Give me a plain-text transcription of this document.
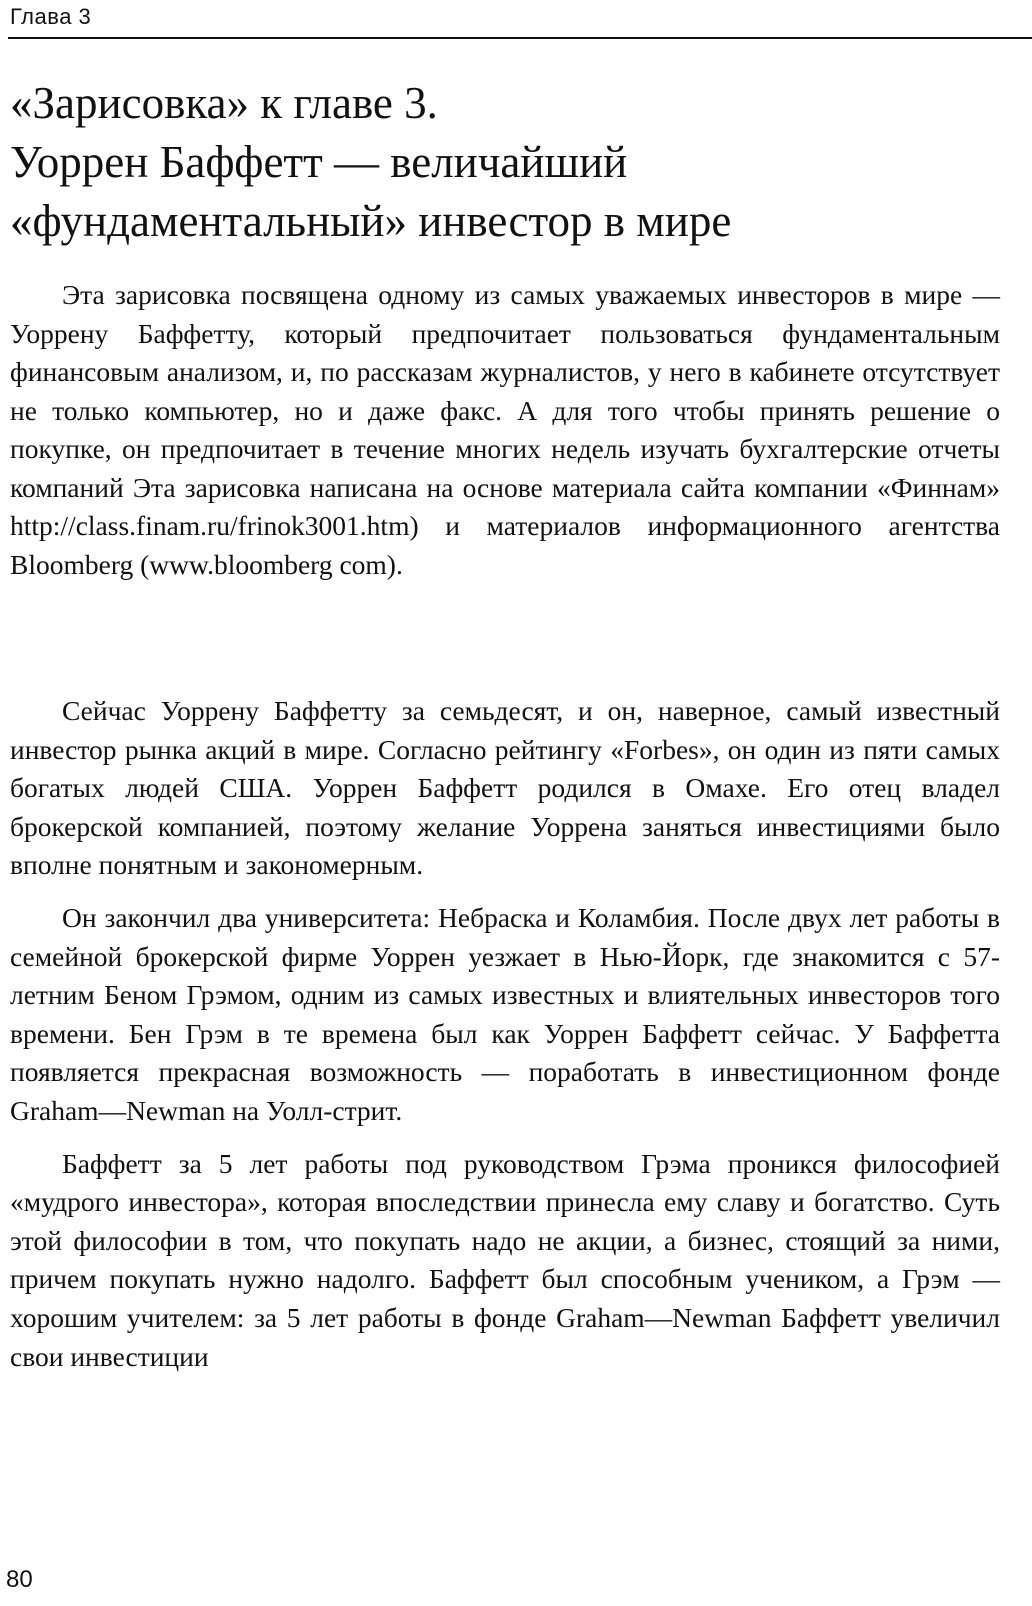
Глава 3
«Зарисовка» к главе 3.
Уоррен Баффетт — величайший
«фундаментальный» инвестор в мире

Эта зарисовка посвящена одному из самых уважаемых инвесторов в мире — Уоррену Баффетту, который предпочитает пользоваться фундаментальным финансовым анализом, и, по рассказам журналистов, у него в кабинете отсутствует не только компьютер, но и даже факс. А для того чтобы принять решение о покупке, он предпочитает в течение многих недель изучать бухгалтерские отчеты компаний Эта зарисовка написана на основе материала сайта компании «Финнам» http://class.finam.ru/frinok3001.htm) и материалов информационного агентства Bloomberg (www.bloomberg com).

Сейчас Уоррену Баффетту за семьдесят, и он, наверное, самый известный инвестор рынка акций в мире. Согласно рейтингу «Forbes», он один из пяти самых богатых людей США. Уоррен Баффетт родился в Омахе. Его отец владел брокерской компанией, поэтому желание Уоррена заняться инвестициями было вполне понятным и закономерным.

Он закончил два университета: Небраска и Коламбия. После двух лет работы в семейной брокерской фирме Уоррен уезжает в Нью-Йорк, где знакомится с 57-летним Беном Грэмом, одним из самых известных и влиятельных инвесторов того времени. Бен Грэм в те времена был как Уоррен Баффетт сейчас. У Баффетта появляется прекрасная возможность — поработать в инвестиционном фонде Graham—Newman на Уолл-стрит.

Баффетт за 5 лет работы под руководством Грэма проникся философией «мудрого инвестора», которая впоследствии принесла ему славу и богатство. Суть этой философии в том, что покупать надо не акции, а бизнес, стоящий за ними, причем покупать нужно надолго. Баффетт был способным учеником, а Грэм — хорошим учителем: за 5 лет работы в фонде Graham—Newman Баффетт увеличил свои инвестиции

80
